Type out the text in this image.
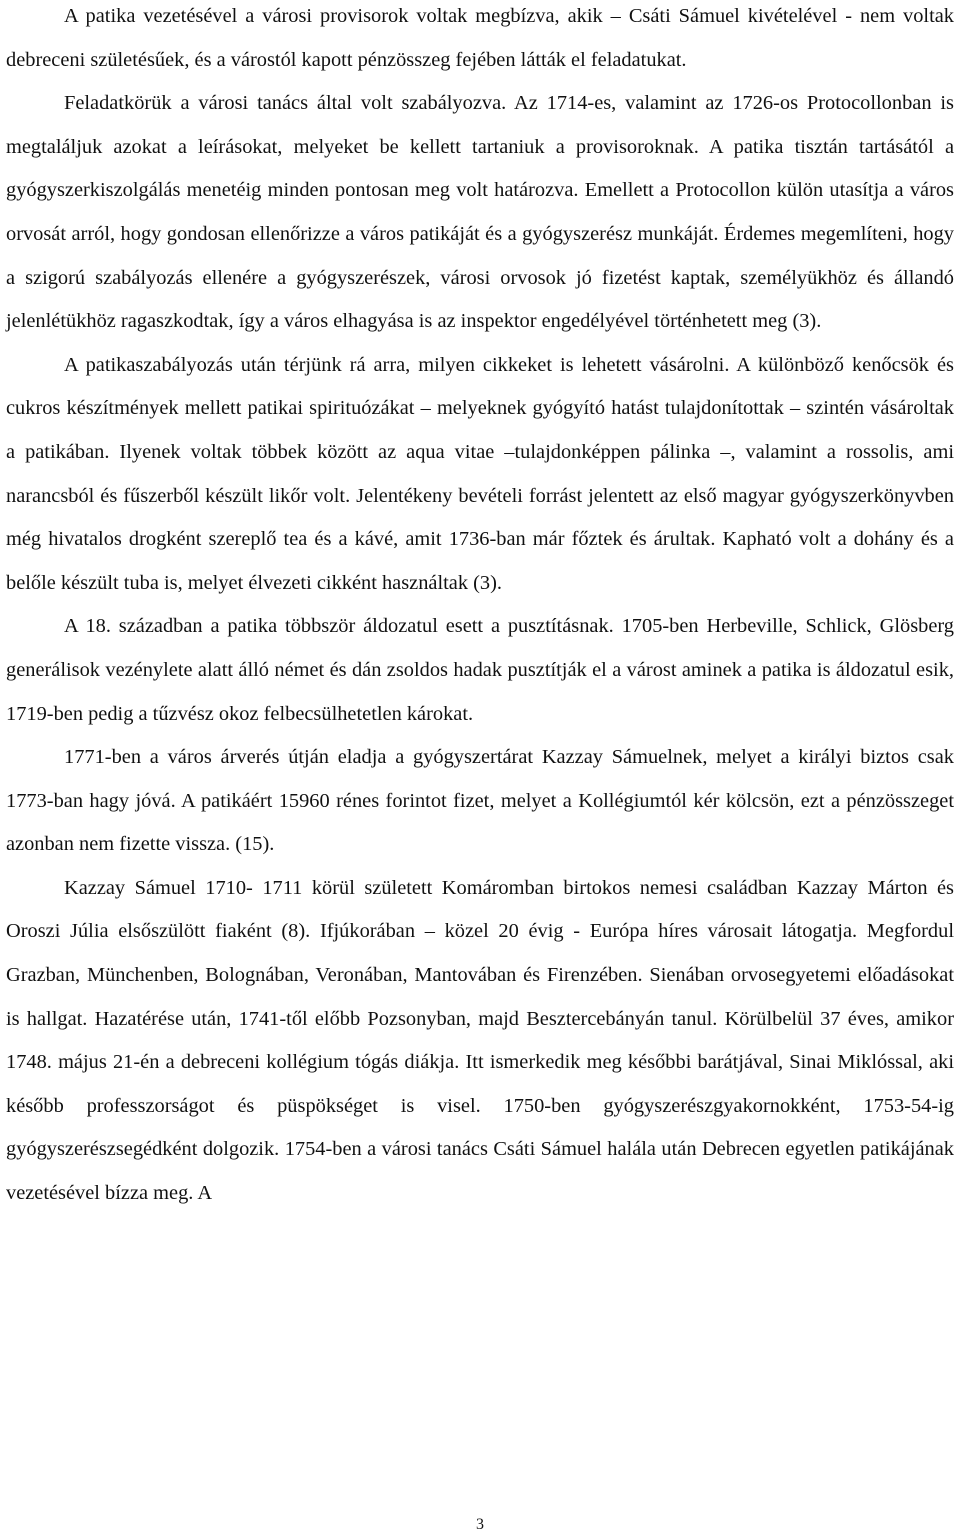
A patika vezetésével a városi provisorok voltak megbízva, akik – Csáti Sámuel kivételével - nem voltak debreceni születésűek, és a várostól kapott pénzösszeg fejében látták el feladatukat.

Feladatkörük a városi tanács által volt szabályozva. Az 1714-es, valamint az 1726-os Protocollonban is megtaláljuk azokat a leírásokat, melyeket be kellett tartaniuk a provisoroknak. A patika tisztán tartásától a gyógyszerkiszolgálás menetéig minden pontosan meg volt határozva. Emellett a Protocollon külön utasítja a város orvosát arról, hogy gondosan ellenőrizze a város patikáját és a gyógyszerész munkáját. Érdemes megemlíteni, hogy a szigorú szabályozás ellenére a gyógyszerészek, városi orvosok jó fizetést kaptak, személyükhöz és állandó jelenlétükhöz ragaszkodtak, így a város elhagyása is az inspektor engedélyével történhetett meg (3).

A patikaszabályozás után térjünk rá arra, milyen cikkeket is lehetett vásárolni. A különböző kenőcsök és cukros készítmények mellett patikai spirituózákat – melyeknek gyógyító hatást tulajdonítottak – szintén vásároltak a patikában. Ilyenek voltak többek között az aqua vitae –tulajdonképpen pálinka –, valamint a rossolis, ami narancsból és fűszerből készült likőr volt. Jelentékeny bevételi forrást jelentett az első magyar gyógyszerkönyvben még hivatalos drogként szereplő tea és a kávé, amit 1736-ban már főztek és árultak. Kapható volt a dohány és a belőle készült tuba is, melyet élvezeti cikként használtak (3).

A 18. században a patika többször áldozatul esett a pusztításnak. 1705-ben Herbeville, Schlick, Glösberg generálisok vezénylete alatt álló német és dán zsoldos hadak pusztítják el a várost aminek a patika is áldozatul esik, 1719-ben pedig a tűzvész okoz felbecsülhetetlen károkat.

1771-ben a város árverés útján eladja a gyógyszertárat Kazzay Sámuelnek, melyet a királyi biztos csak 1773-ban hagy jóvá. A patikáért 15960 rénes forintot fizet, melyet a Kollégiumtól kér kölcsön, ezt a pénzösszeget azonban nem fizette vissza. (15).

Kazzay Sámuel 1710- 1711 körül született Komáromban birtokos nemesi családban Kazzay Márton és Oroszi Júlia elsőszülött fiaként (8). Ifjúkorában – közel 20 évig - Európa híres városait látogatja. Megfordul Grazban, Münchenben, Bolognában, Veronában, Mantovában és Firenzében. Sienában orvosegyetemi előadásokat is hallgat. Hazatérése után, 1741-től előbb Pozsonyban, majd Besztercebányán tanul. Körülbelül 37 éves, amikor 1748. május 21-én a debreceni kollégium tógás diákja. Itt ismerkedik meg későbbi barátjával, Sinai Miklóssal, aki később professzorságot és püspökséget is visel. 1750-ben gyógyszerészgyakornokként, 1753-54-ig gyógyszerészsegédként dolgozik. 1754-ben a városi tanács Csáti Sámuel halála után Debrecen egyetlen patikájának vezetésével bízza meg. A

3
